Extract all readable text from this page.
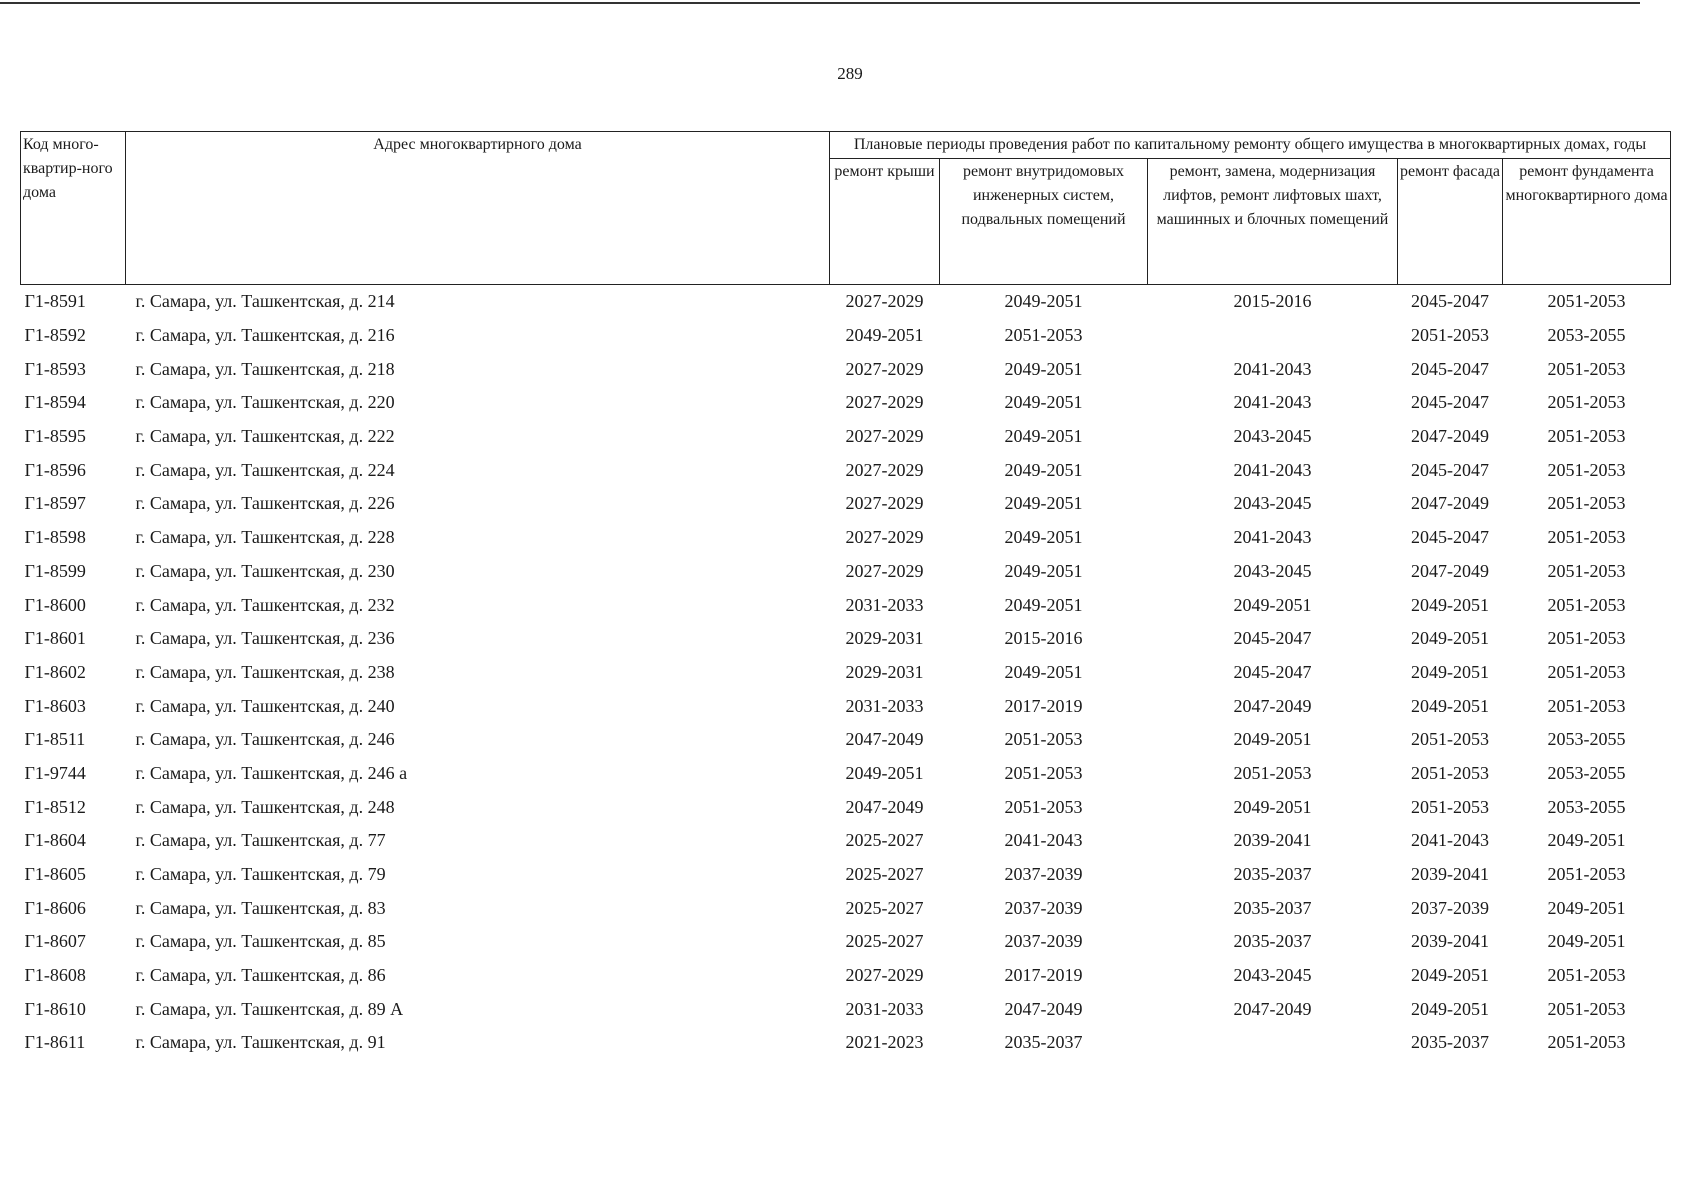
289
Код много-квартир-ного дома	Адрес многоквартирного дома	Плановые периоды проведения работ по капитальному ремонту общего имущества в многоквартирных домах, годы				
		ремонт крыши	ремонт внутридомовых инженерных систем, подвальных помещений	ремонт, замена, модернизация лифтов, ремонт лифтовых шахт, машинных и блочных помещений	ремонт фасада	ремонт фундамента многоквартирного дома
Г1-8591	г. Самара, ул. Ташкентская, д. 214	2027-2029	2049-2051	2015-2016	2045-2047	2051-2053
Г1-8592	г. Самара, ул. Ташкентская, д. 216	2049-2051	2051-2053		2051-2053	2053-2055
Г1-8593	г. Самара, ул. Ташкентская, д. 218	2027-2029	2049-2051	2041-2043	2045-2047	2051-2053
Г1-8594	г. Самара, ул. Ташкентская, д. 220	2027-2029	2049-2051	2041-2043	2045-2047	2051-2053
Г1-8595	г. Самара, ул. Ташкентская, д. 222	2027-2029	2049-2051	2043-2045	2047-2049	2051-2053
Г1-8596	г. Самара, ул. Ташкентская, д. 224	2027-2029	2049-2051	2041-2043	2045-2047	2051-2053
Г1-8597	г. Самара, ул. Ташкентская, д. 226	2027-2029	2049-2051	2043-2045	2047-2049	2051-2053
Г1-8598	г. Самара, ул. Ташкентская, д. 228	2027-2029	2049-2051	2041-2043	2045-2047	2051-2053
Г1-8599	г. Самара, ул. Ташкентская, д. 230	2027-2029	2049-2051	2043-2045	2047-2049	2051-2053
Г1-8600	г. Самара, ул. Ташкентская, д. 232	2031-2033	2049-2051	2049-2051	2049-2051	2051-2053
Г1-8601	г. Самара, ул. Ташкентская, д. 236	2029-2031	2015-2016	2045-2047	2049-2051	2051-2053
Г1-8602	г. Самара, ул. Ташкентская, д. 238	2029-2031	2049-2051	2045-2047	2049-2051	2051-2053
Г1-8603	г. Самара, ул. Ташкентская, д. 240	2031-2033	2017-2019	2047-2049	2049-2051	2051-2053
Г1-8511	г. Самара, ул. Ташкентская, д. 246	2047-2049	2051-2053	2049-2051	2051-2053	2053-2055
Г1-9744	г. Самара, ул. Ташкентская, д. 246 а	2049-2051	2051-2053	2051-2053	2051-2053	2053-2055
Г1-8512	г. Самара, ул. Ташкентская, д. 248	2047-2049	2051-2053	2049-2051	2051-2053	2053-2055
Г1-8604	г. Самара, ул. Ташкентская, д. 77	2025-2027	2041-2043	2039-2041	2041-2043	2049-2051
Г1-8605	г. Самара, ул. Ташкентская, д. 79	2025-2027	2037-2039	2035-2037	2039-2041	2051-2053
Г1-8606	г. Самара, ул. Ташкентская, д. 83	2025-2027	2037-2039	2035-2037	2037-2039	2049-2051
Г1-8607	г. Самара, ул. Ташкентская, д. 85	2025-2027	2037-2039	2035-2037	2039-2041	2049-2051
Г1-8608	г. Самара, ул. Ташкентская, д. 86	2027-2029	2017-2019	2043-2045	2049-2051	2051-2053
Г1-8610	г. Самара, ул. Ташкентская, д. 89 А	2031-2033	2047-2049	2047-2049	2049-2051	2051-2053
Г1-8611	г. Самара, ул. Ташкентская, д. 91	2021-2023	2035-2037		2035-2037	2051-2053
